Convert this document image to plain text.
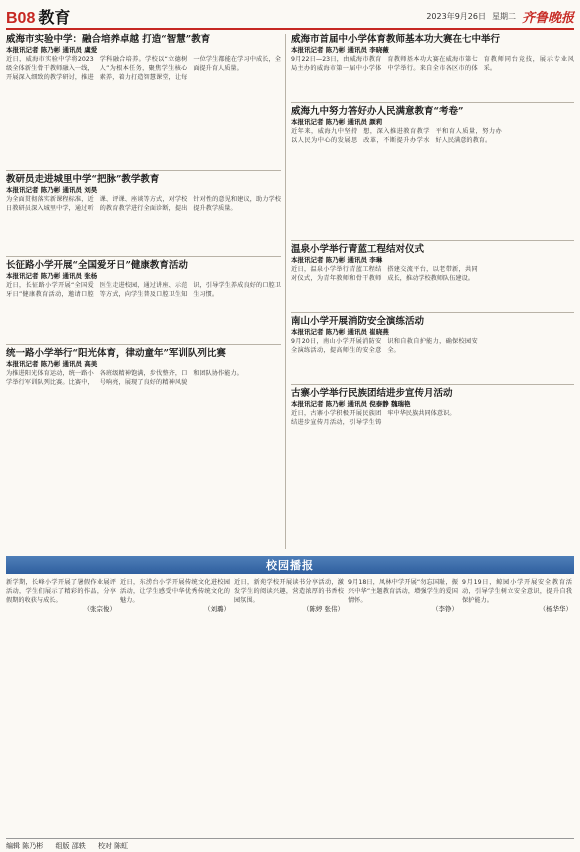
B08 教育	2023年9月26日 星期二 齐鲁晚报
威海市实验中学：融合培养卓越 打造“智慧”教育
本报讯记者 陈乃彬 通讯员 虞爱
近日，威海市实验中学将2023级全体新生骨干教师融入一线，开展深入细致的教学研讨，推进学科融合培养。学校以“立德树人”为根本任务，聚焦学生核心素养，着力打造智慧课堂，让每一位学生都能在学习中成长，全面提升育人质量。
教研员走进城里中学“把脉”教学教育
本报讯记者 陈乃彬 通讯员 刘昊
为全面贯彻落实新课程标准，近日教研员深入城里中学，通过听课、评课、座谈等方式，对学校的教育教学进行全面诊断，提出针对性的意见和建议，助力学校提升教学质量。
长征路小学开展“全国爱牙日”健康教育活动
本报讯记者 陈乃彬 通讯员 张杨
近日，长征路小学开展“全国爱牙日”健康教育活动，邀请口腔医生走进校园，通过讲座、示范等方式，向学生普及口腔卫生知识，引导学生养成良好的口腔卫生习惯。
统一路小学举行“阳光体育，律动童年”军训队列比赛
本报讯记者 陈乃彬 通讯员 高美
为推进阳光体育运动，统一路小学举行军训队列比赛。比赛中，各班级精神饱满，步伐整齐，口号响亮，展现了良好的精神风貌和团队协作能力。
威海市首届中小学体育教师基本功大赛在七中举行
本报讯记者 陈乃彬 通讯员 李晓薇
9月22日—23日，由威海市教育局主办的威海市第一届中小学体育教师基本功大赛在威海市第七中学举行。来自全市各区市的体育教师同台竞技，展示专业风采。
威海九中努力答好办人民满意教育“考卷”
本报讯记者 陈乃彬 通讯员 颜莉
近年来，威海九中坚持以人民为中心的发展思想，深入推进教育教学改革，不断提升办学水平和育人质量，努力办好人民满意的教育。
温泉小学举行青蓝工程结对仪式
本报讯记者 陈乃彬 通讯员 李琳
近日，温泉小学举行青蓝工程结对仪式，为青年教师和骨干教师搭建交流平台，以老带新，共同成长，推动学校教师队伍建设。
南山小学开展消防安全演练活动
本报讯记者 陈乃彬 通讯员 崔晓燕
9月20日，南山小学开展消防安全演练活动，提高师生的安全意识和自救自护能力，确保校园安全。
古寨小学举行民族团结进步宣传月活动
本报讯记者 陈乃彬 通讯员 倪泰静 魏瑞艳
近日，古寨小学积极开展民族团结进步宣传月活动，引导学生铸牢中华民族共同体意识。
校园播报
新学期，长峰小学开展了暑假作业展评活动，学生们展示了精彩的作品，分享假期的收获与成长。
（张宗俊）
近日，东涝台小学开展传统文化进校园活动，让学生感受中华优秀传统文化的魅力。
（刘璐）
近日，新苑学校开展读书分享活动，激发学生的阅读兴趣，营造浓厚的书香校园氛围。
（陈婷 张伟）
9月18日，凤林中学开展“勿忘国耻，振兴中华”主题教育活动，增强学生的爱国情怀。
（李铮）
9月19日，鲸园小学开展安全教育活动，引导学生树立安全意识，提升自我保护能力。
（杨华华）
编辑 陈乃彬 组版 邵轶 校对 陈虹
